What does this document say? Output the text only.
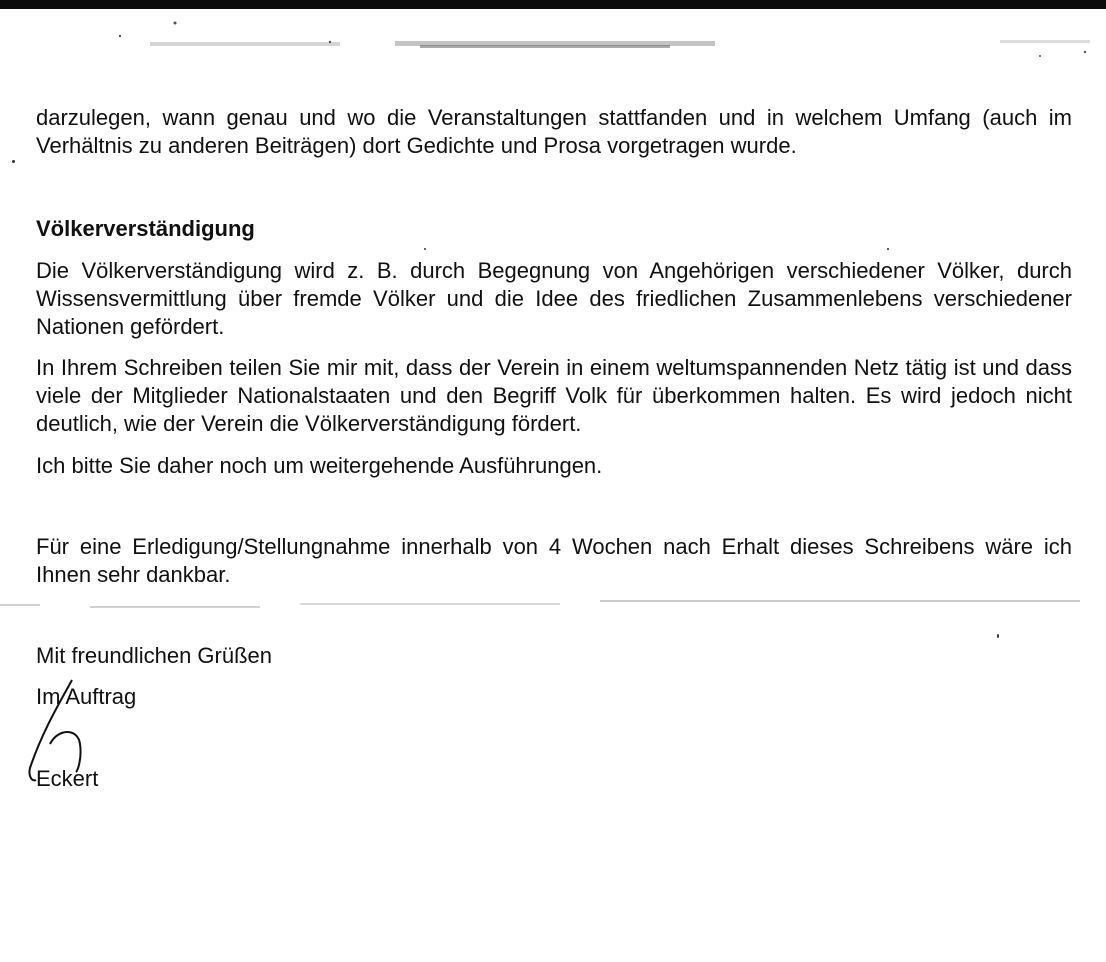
darzulegen, wann genau und wo die Veranstaltungen stattfanden und in welchem Umfang (auch im Verhältnis zu anderen Beiträgen) dort Gedichte und Prosa vorgetragen wurde.

Völkerverständigung

Die Völkerverständigung wird z. B. durch Begegnung von Angehörigen verschiedener Völker, durch Wissensvermittlung über fremde Völker und die Idee des friedlichen Zusammenlebens verschiedener Nationen gefördert.

In Ihrem Schreiben teilen Sie mir mit, dass der Verein in einem weltumspannenden Netz tätig ist und dass viele der Mitglieder Nationalstaaten und den Begriff Volk für überkommen halten. Es wird jedoch nicht deutlich, wie der Verein die Völkerverständigung fördert.

Ich bitte Sie daher noch um weitergehende Ausführungen.

Für eine Erledigung/Stellungnahme innerhalb von 4 Wochen nach Erhalt dieses Schreibens wäre ich Ihnen sehr dankbar.

Mit freundlichen Grüßen
Im Auftrag
Eckert
